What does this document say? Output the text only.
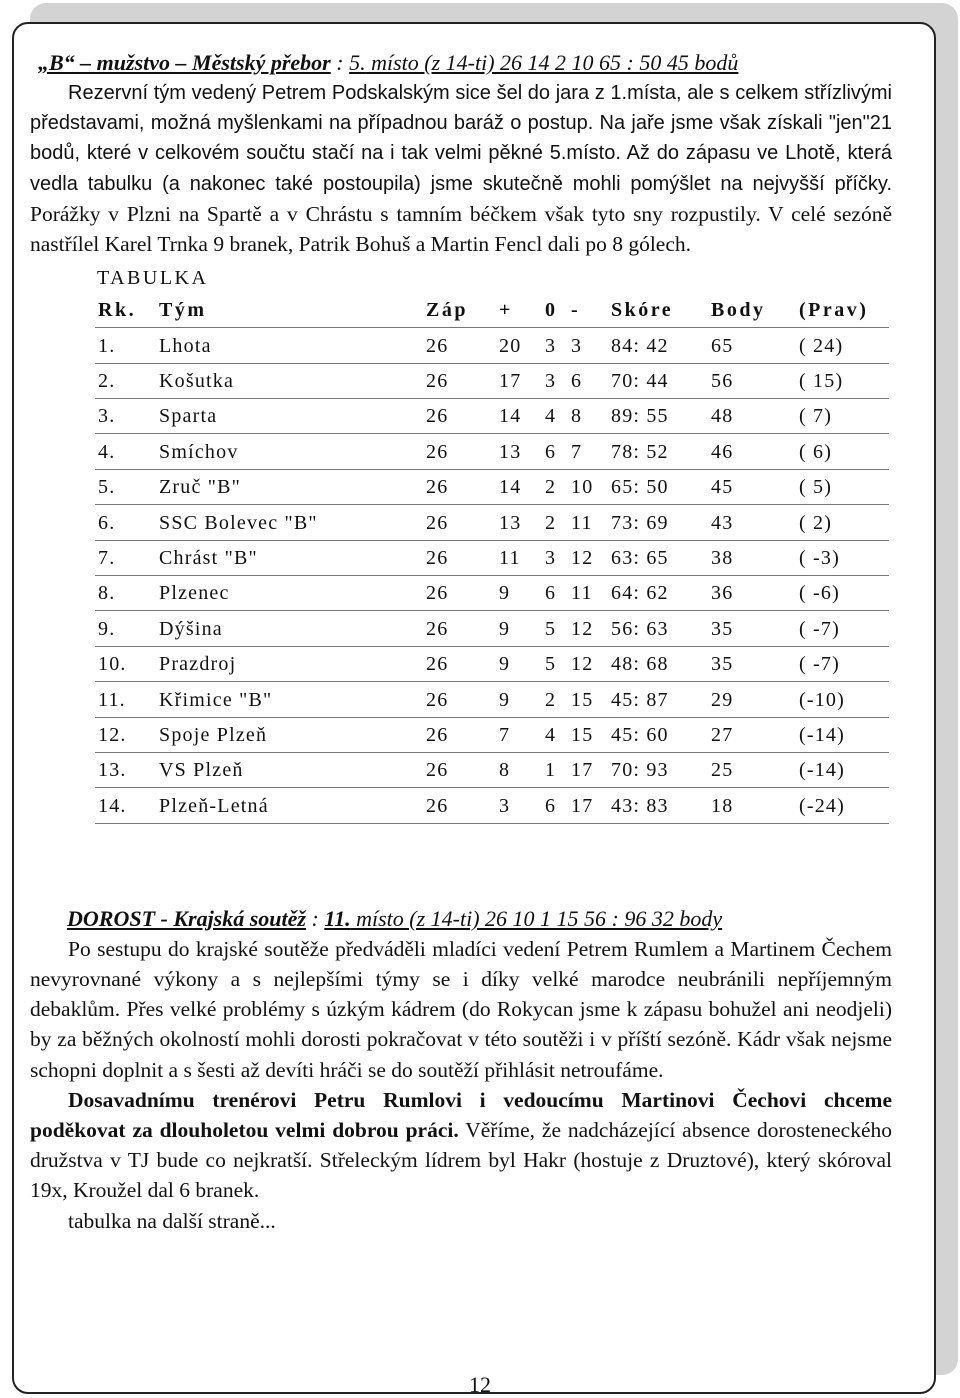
„B“ – mužstvo – Městský přebor : 5. místo (z 14-ti) 26 14 2 10 65 : 50 45 bodů

Rezervní tým vedený Petrem Podskalským sice šel do jara z 1.místa, ale s celkem střízlivými představami, možná myšlenkami na případnou baráž o postup. Na jaře jsme však získali "jen"21 bodů, které v celkovém součtu stačí na i tak velmi pěkné 5.místo. Až do zápasu ve Lhotě, která vedla tabulku (a nakonec také postoupila) jsme skutečně mohli pomýšlet na nejvyšší příčky.

Porážky v Plzni na Spartě a v Chrástu s tamním béčkem však tyto sny rozpustily. V celé sezóně nastřílel Karel Trnka 9 branek, Patrik Bohuš a Martin Fencl dali po 8 gólech.

TABULKA
Rk.	Tým	Záp	+	0	-	Skóre	Body	(Prav)
1.	Lhota	26	20	3	3	84: 42	65	( 24)
2.	Košutka	26	17	3	6	70: 44	56	( 15)
3.	Sparta	26	14	4	8	89: 55	48	( 7)
4.	Smíchov	26	13	6	7	78: 52	46	( 6)
5.	Zruč "B"	26	14	2	10	65: 50	45	( 5)
6.	SSC Bolevec "B"	26	13	2	11	73: 69	43	( 2)
7.	Chrást "B"	26	11	3	12	63: 65	38	( -3)
8.	Plzenec	26	9	6	11	64: 62	36	( -6)
9.	Dýšina	26	9	5	12	56: 63	35	( -7)
10.	Prazdroj	26	9	5	12	48: 68	35	( -7)
11.	Křimice "B"	26	9	2	15	45: 87	29	(-10)
12.	Spoje Plzeň	26	7	4	15	45: 60	27	(-14)
13.	VS Plzeň	26	8	1	17	70: 93	25	(-14)
14.	Plzeň-Letná	26	3	6	17	43: 83	18	(-24)
DOROST - Krajská soutěž : 11. místo (z 14-ti) 26 10 1 15 56 : 96 32 body

Po sestupu do krajské soutěže předváděli mladíci vedení Petrem Rumlem a Martinem Čechem nevyrovnané výkony a s nejlepšími týmy se i díky velké marodce neubránili nepříjemným debaklům. Přes velké problémy s úzkým kádrem (do Rokycan jsme k zápasu bohužel ani neodjeli) by za běžných okolností mohli dorosti pokračovat v této soutěži i v příští sezóně. Kádr však nejsme schopni doplnit a s šesti až devíti hráči se do soutěží přihlásit netroufáme.

Dosavadnímu trenérovi Petru Rumlovi i vedoucímu Martinovi Čechovi chceme poděkovat za dlouholetou velmi dobrou práci. Věříme, že nadcházející absence dorosteneckého družstva v TJ bude co nejkratší. Střeleckým lídrem byl Hakr (hostuje z Druztové), který skóroval 19x, Kroužel dal 6 branek.

tabulka na další straně...

12
